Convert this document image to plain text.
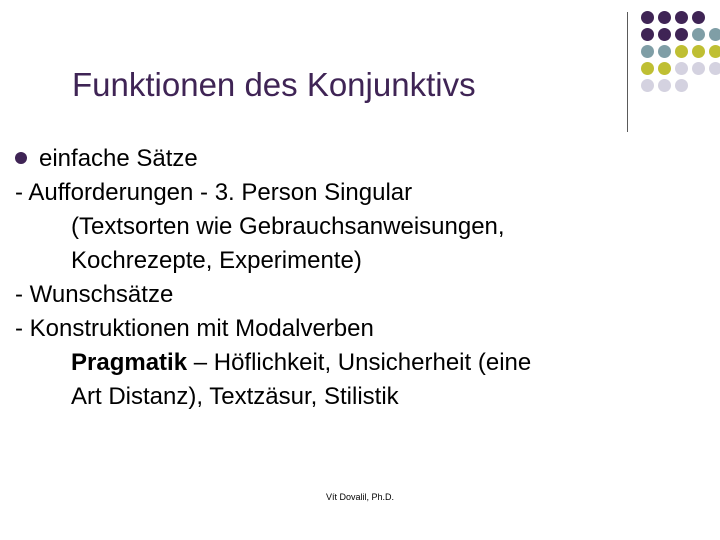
Funktionen des Konjunktivs
einfache Sätze
- Aufforderungen - 3. Person Singular
(Textsorten wie Gebrauchsanweisungen,
Kochrezepte, Experimente)
- Wunschsätze
- Konstruktionen mit Modalverben
Pragmatik – Höflichkeit, Unsicherheit (eine
Art Distanz), Textzäsur, Stilistik
Vít Dovalil, Ph.D.
